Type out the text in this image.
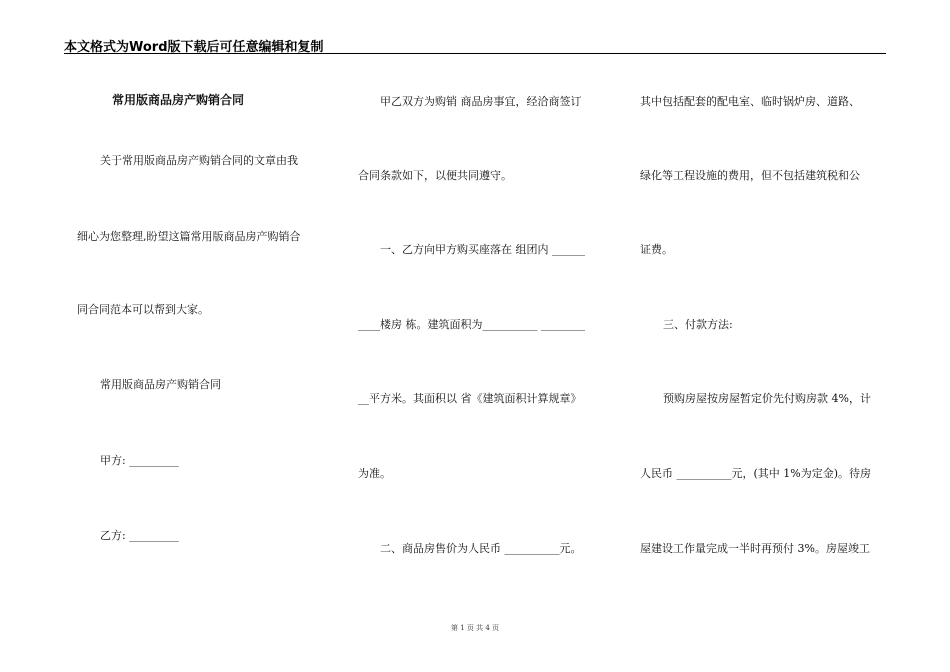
本文格式为Word版下载后可任意编辑和复制
常用版商品房产购销合同
关于常用版商品房产购销合同的文章由我
细心为您整理,盼望这篇常用版商品房产购销合
同合同范本可以帮到大家。
常用版商品房产购销合同
甲方: _________
乙方: _________
甲乙双方为购销 商品房事宜，经洽商签订
合同条款如下，以便共同遵守。
一、乙方向甲方购买座落在 组团内 ______
____楼房 栋。建筑面积为__________ ________
__平方米。其面积以 省《建筑面积计算规章》
为准。
二、商品房售价为人民币 __________元。
其中包括配套的配电室、临时锅炉房、道路、
绿化等工程设施的费用，但不包括建筑税和公
证费。
三、付款方法:
预购房屋按房屋暂定价先付购房款 4%，计
人民币 __________元，(其中 1%为定金)。待房
屋建设工作量完成一半时再预付 3%。房屋竣工
第 1 页 共 4 页
